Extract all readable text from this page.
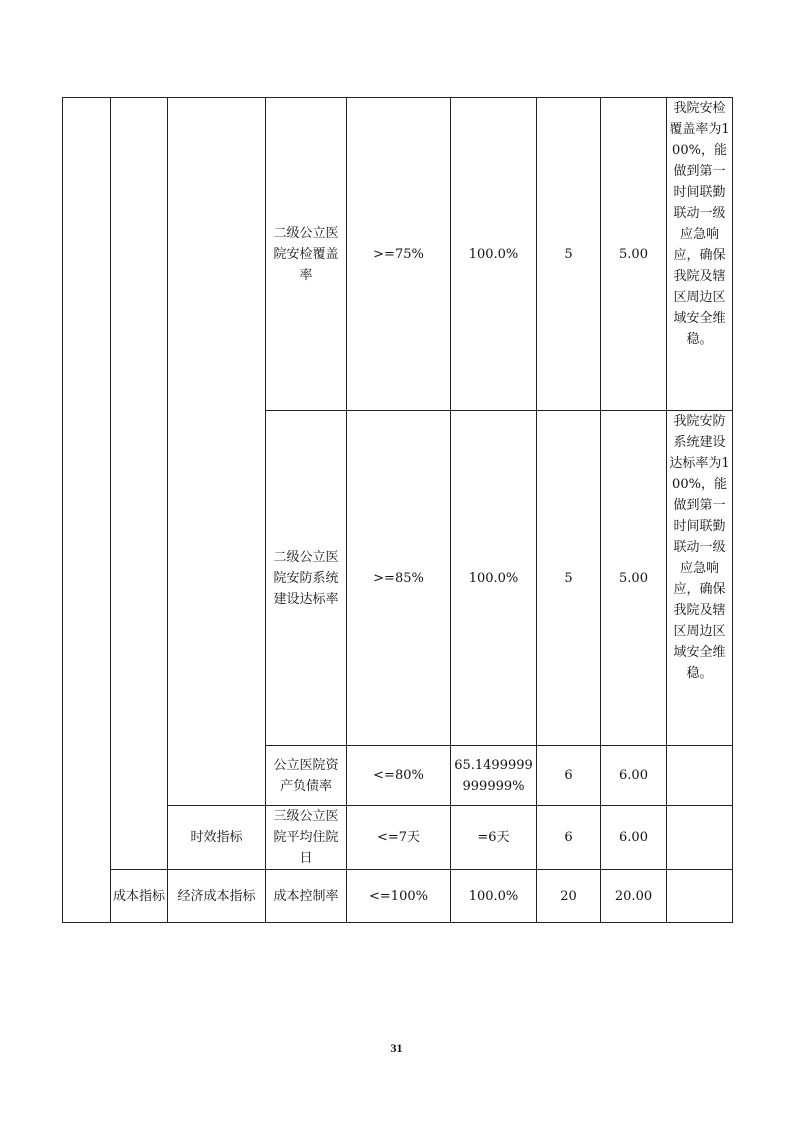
			二级公立医院安检覆盖率	>=75%	100.0%	5	5.00	我院安检覆盖率为100%，能做到第一时间联勤联动一级应急响应，确保我院及辖区周边区域安全维稳。
			二级公立医院安防系统建设达标率	>=85%	100.0%	5	5.00	我院安防系统建设达标率为100%，能做到第一时间联勤联动一级应急响应，确保我院及辖区周边区域安全维稳。
			公立医院资产负债率	<=80%	65.1499999999999%	6	6.00	
		时效指标	三级公立医院平均住院日	<=7天	=6天	6	6.00	
	成本指标	经济成本指标	成本控制率	<=100%	100.0%	20	20.00	
31
